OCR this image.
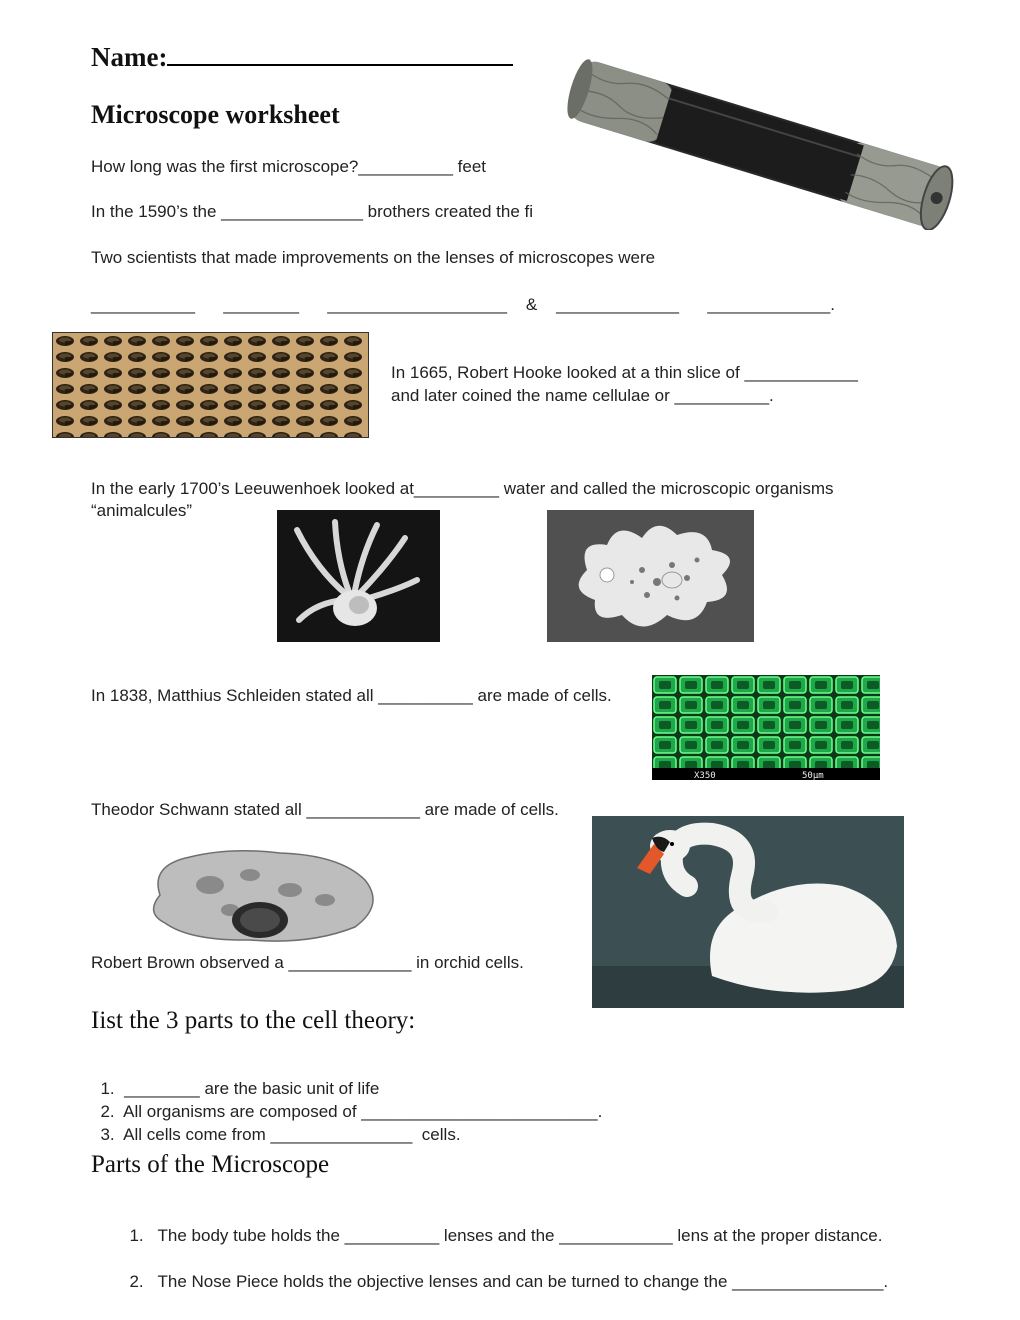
Name:
Microscope worksheet
How long was the first microscope?__________ feet
In the 1590’s the _______________ brothers created the fi
Two scientists that made improvements on the lenses of microscopes were
___________      ________      ___________________    &    _____________      _____________.
In 1665, Robert Hooke looked at a thin slice of ____________
and later coined the name cellulae or __________.
In the early 1700’s Leeuwenhoek looked at_________ water and called the microscopic organisms
“animalcules”
In 1838, Matthius Schleiden stated all __________ are made of cells.
X350	50μm
Theodor Schwann stated all ____________ are made of cells.
Robert Brown observed a _____________ in orchid cells.
Iist the 3 parts to the cell theory:

1. ________ are the basic unit of life

2. All organisms are composed of _________________________.

3. All cells come from _______________  cells.

Parts of the Microscope

1. The body tube holds the __________ lenses and the ____________ lens at the proper distance.

2. The Nose Piece holds the objective lenses and can be turned to change the ________________.
